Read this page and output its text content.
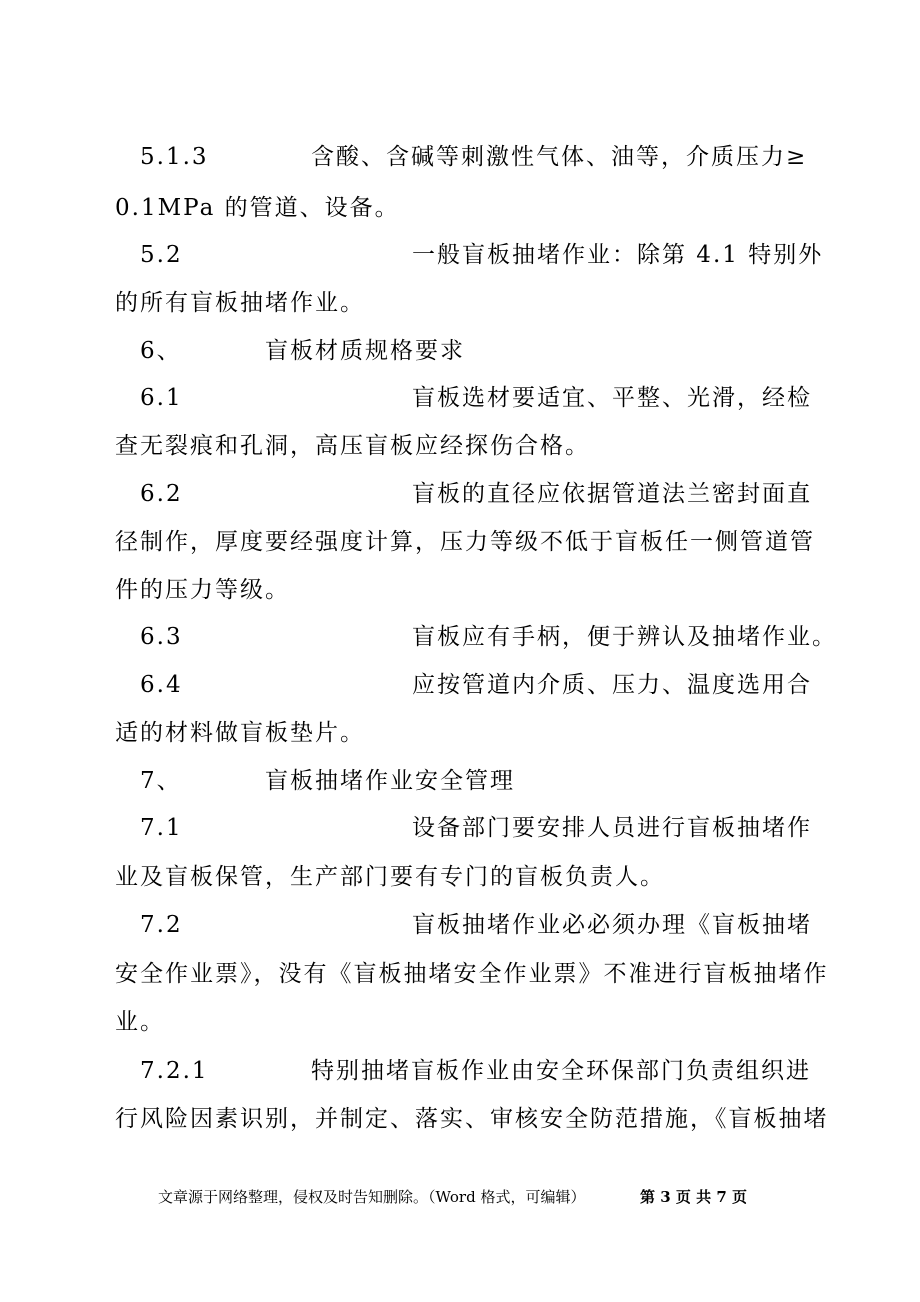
5.1.3	含酸、含碱等刺激性气体、油等，介质压力≥
0.1MPa 的管道、设备。
5.2	一般盲板抽堵作业：除第 4.1 特别外
的所有盲板抽堵作业。
6、	盲板材质规格要求
6.1	盲板选材要适宜、平整、光滑，经检
查无裂痕和孔洞，高压盲板应经探伤合格。
6.2	盲板的直径应依据管道法兰密封面直
径制作，厚度要经强度计算，压力等级不低于盲板任一侧管道管
件的压力等级。
6.3	盲板应有手柄，便于辨认及抽堵作业。
6.4	应按管道内介质、压力、温度选用合
适的材料做盲板垫片。
7、	盲板抽堵作业安全管理
7.1	设备部门要安排人员进行盲板抽堵作
业及盲板保管，生产部门要有专门的盲板负责人。
7.2	盲板抽堵作业必必须办理《盲板抽堵
安全作业票》，没有《盲板抽堵安全作业票》不准进行盲板抽堵作
业。
7.2.1	特别抽堵盲板作业由安全环保部门负责组织进
行风险因素识别，并制定、落实、审核安全防范措施，《盲板抽堵
文章源于网络整理，侵权及时告知删除。（Word 格式，可编辑）	第 3 页 共 7 页
